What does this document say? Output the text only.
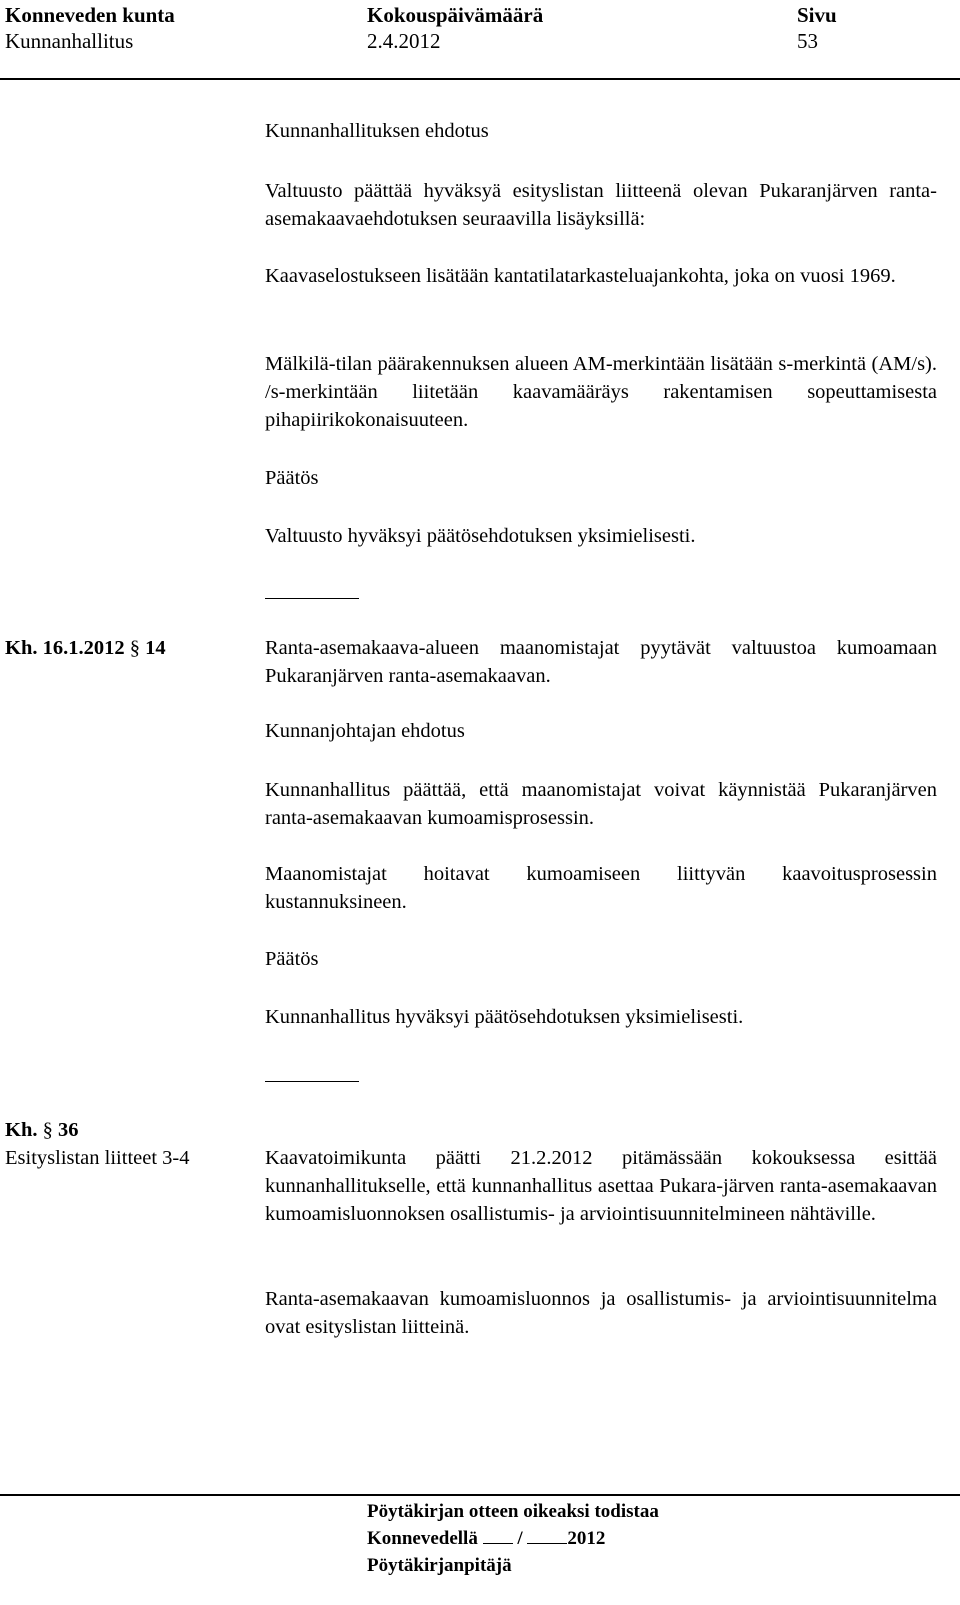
Konneveden kunta
Kunnanhallitus
Kokouspäivämäärä
2.4.2012
Sivu
53

Kunnanhallituksen ehdotus

Valtuusto päättää hyväksyä esityslistan liitteenä olevan Pukaranjärven ranta-asemakaavaehdotuksen seuraavilla lisäyksillä:

Kaavaselostukseen lisätään kantatilatarkasteluajankohta, joka on vuosi 1969.

Mälkilä-tilan päärakennuksen alueen AM-merkintään lisätään s-merkintä (AM/s). /s-merkintään liitetään kaavamääräys rakentamisen sopeuttamisesta pihapiirikokonaisuuteen.

Päätös

Valtuusto hyväksyi päätösehdotuksen yksimielisesti.

Kh. 16.1.2012 § 14	Ranta-asemakaava-alueen maanomistajat pyytävät valtuustoa kumoamaan Pukaranjärven ranta-asemakaavan.

Kunnanjohtajan ehdotus

Kunnanhallitus päättää, että maanomistajat voivat käynnistää Pukaranjärven ranta-asemakaavan kumoamisprosessin.

Maanomistajat hoitavat kumoamiseen liittyvän kaavoitusprosessin kustannuksineen.

Päätös

Kunnanhallitus hyväksyi päätösehdotuksen yksimielisesti.

Kh. § 36
Esityslistan liitteet 3-4	Kaavatoimikunta päätti 21.2.2012 pitämässään kokouksessa esittää kunnanhallitukselle, että kunnanhallitus asettaa Pukara-järven ranta-asemakaavan kumoamisluonnoksen osallistumis- ja arviointisuunnitelmineen nähtäville.

Ranta-asemakaavan kumoamisluonnos ja osallistumis- ja arviointisuunnitelma ovat esityslistan liitteinä.

Pöytäkirjan otteen oikeaksi todistaa
Konnevedellä / 2012
Pöytäkirjanpitäjä
